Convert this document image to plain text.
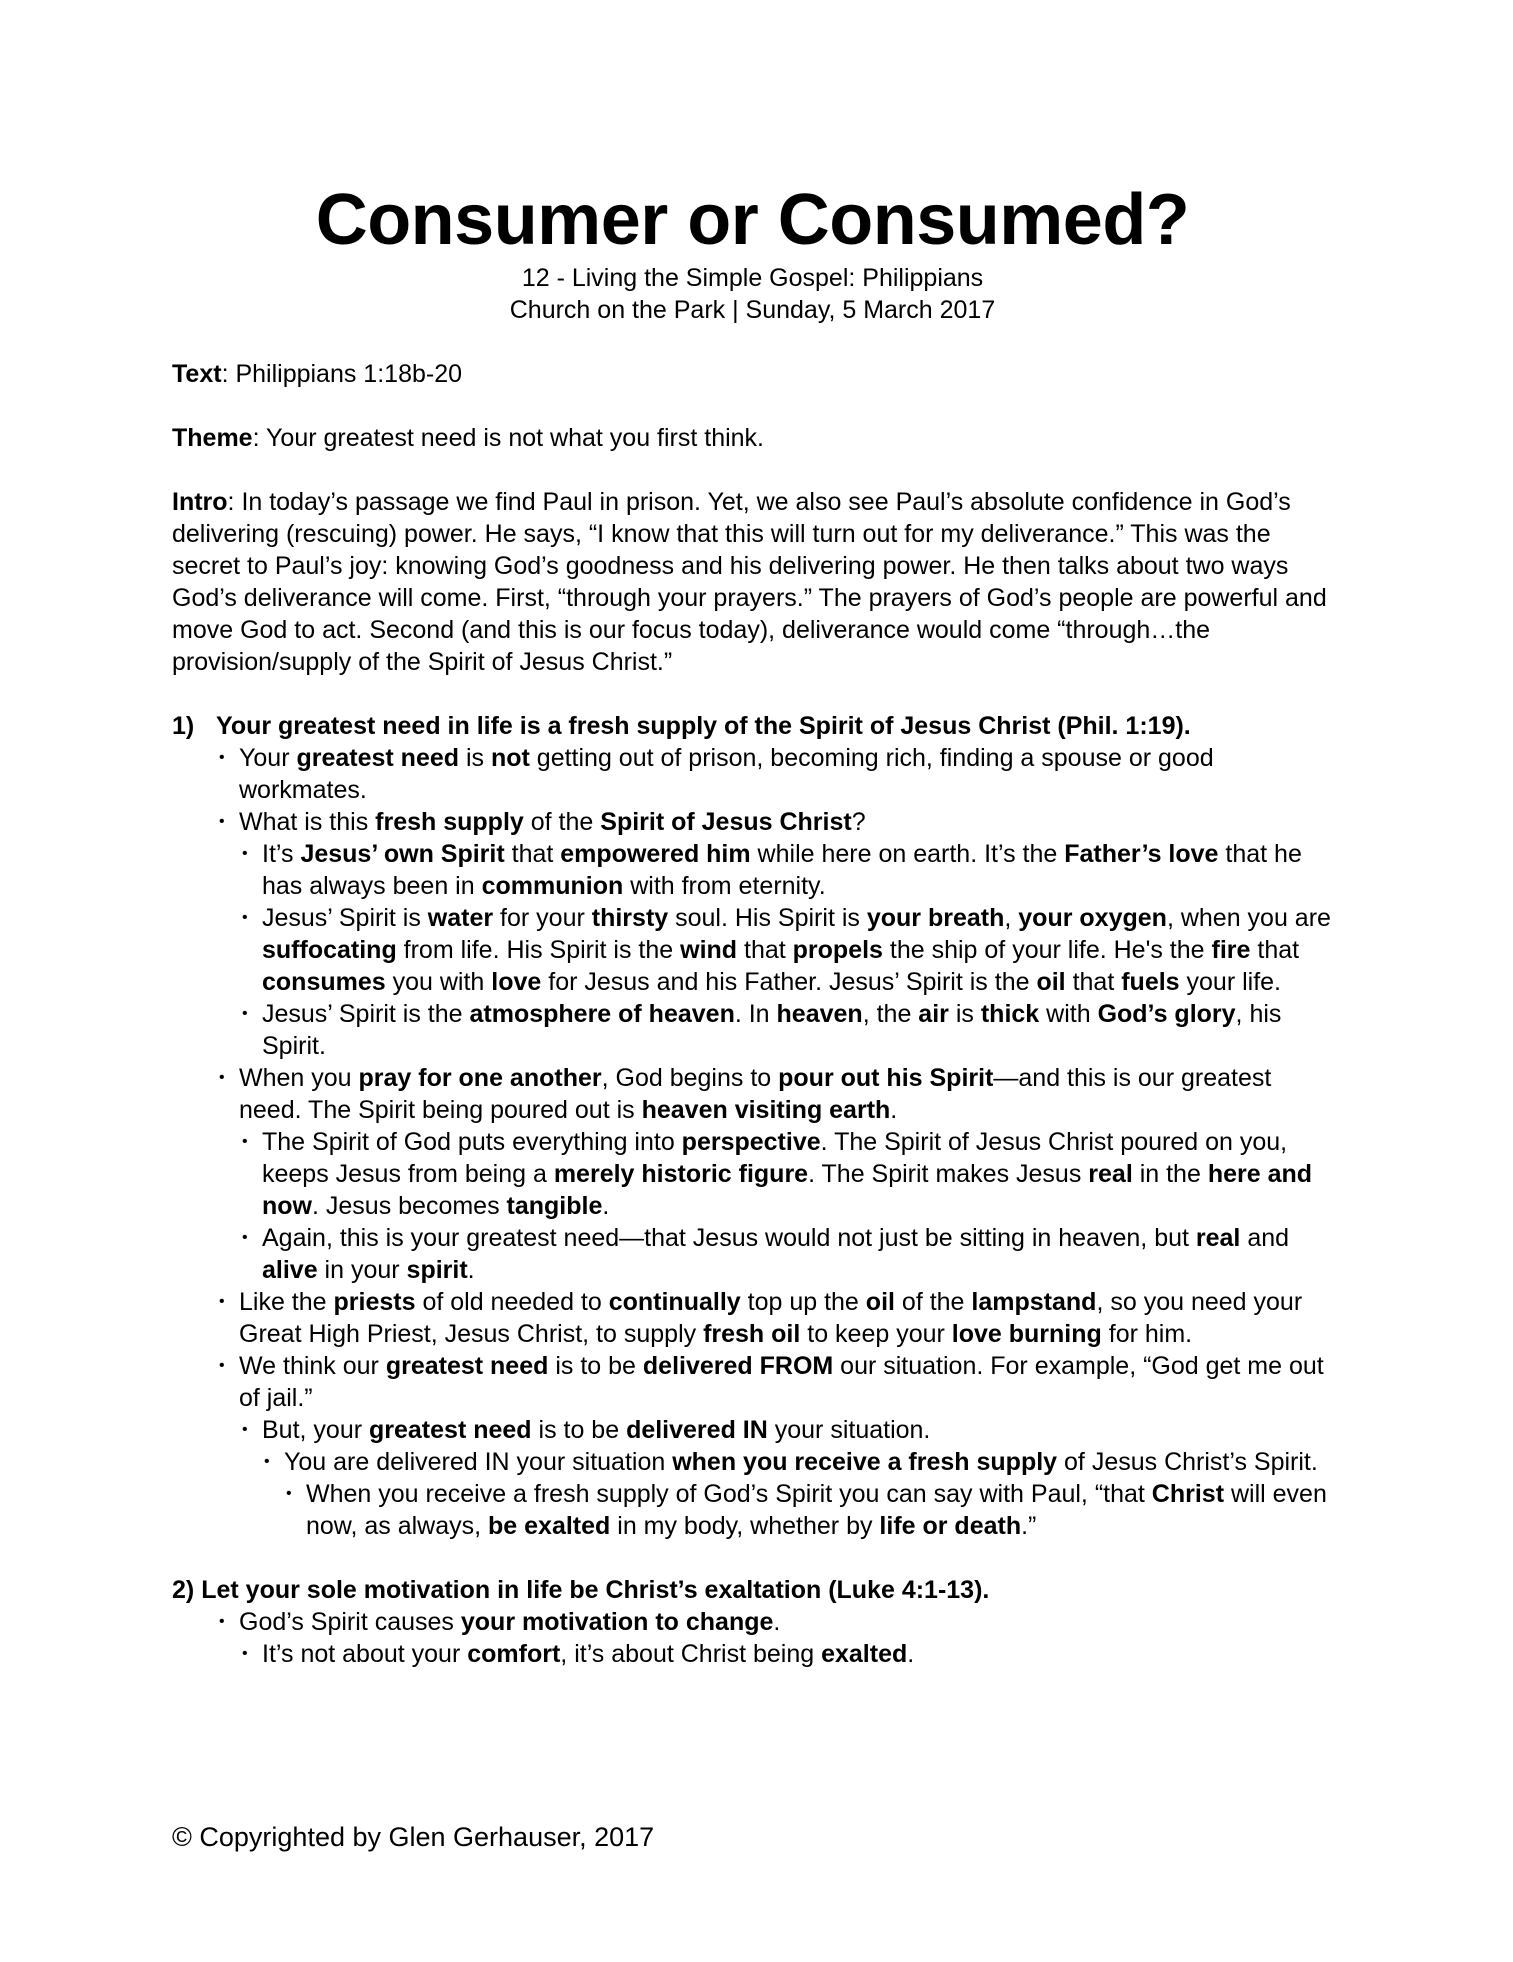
Consumer or Consumed?

12 - Living the Simple Gospel: Philippians

Church on the Park | Sunday, 5 March 2017

Text: Philippians 1:18b-20

Theme: Your greatest need is not what you first think.

Intro: In today’s passage we find Paul in prison. Yet, we also see Paul’s absolute confidence in God’s delivering (rescuing) power. He says, “I know that this will turn out for my deliverance.” This was the secret to Paul’s joy: knowing God’s goodness and his delivering power. He then talks about two ways God’s deliverance will come. First, “through your prayers.” The prayers of God’s people are powerful and move God to act. Second (and this is our focus today), deliverance would come “through…the provision/supply of the Spirit of Jesus Christ.”

1) Your greatest need in life is a fresh supply of the Spirit of Jesus Christ (Phil. 1:19).

• Your greatest need is not getting out of prison, becoming rich, finding a spouse or good workmates.
• What is this fresh supply of the Spirit of Jesus Christ?
• It’s Jesus’ own Spirit that empowered him while here on earth. It’s the Father’s love that he has always been in communion with from eternity.
• Jesus’ Spirit is water for your thirsty soul. His Spirit is your breath, your oxygen, when you are suffocating from life. His Spirit is the wind that propels the ship of your life. He's the fire that consumes you with love for Jesus and his Father. Jesus’ Spirit is the oil that fuels your life.
• Jesus’ Spirit is the atmosphere of heaven. In heaven, the air is thick with God’s glory, his Spirit.
• When you pray for one another, God begins to pour out his Spirit—and this is our greatest need. The Spirit being poured out is heaven visiting earth.
• The Spirit of God puts everything into perspective. The Spirit of Jesus Christ poured on you, keeps Jesus from being a merely historic figure. The Spirit makes Jesus real in the here and now. Jesus becomes tangible.
• Again, this is your greatest need—that Jesus would not just be sitting in heaven, but real and alive in your spirit.
• Like the priests of old needed to continually top up the oil of the lampstand, so you need your Great High Priest, Jesus Christ, to supply fresh oil to keep your love burning for him.
• We think our greatest need is to be delivered FROM our situation. For example, “God get me out of jail.”
• But, your greatest need is to be delivered IN your situation.
• You are delivered IN your situation when you receive a fresh supply of Jesus Christ’s Spirit.
• When you receive a fresh supply of God’s Spirit you can say with Paul, “that Christ will even now, as always, be exalted in my body, whether by life or death.”

2) Let your sole motivation in life be Christ’s exaltation (Luke 4:1-13).

• God’s Spirit causes your motivation to change.
• It’s not about your comfort, it’s about Christ being exalted.

© Copyrighted by Glen Gerhauser, 2017
